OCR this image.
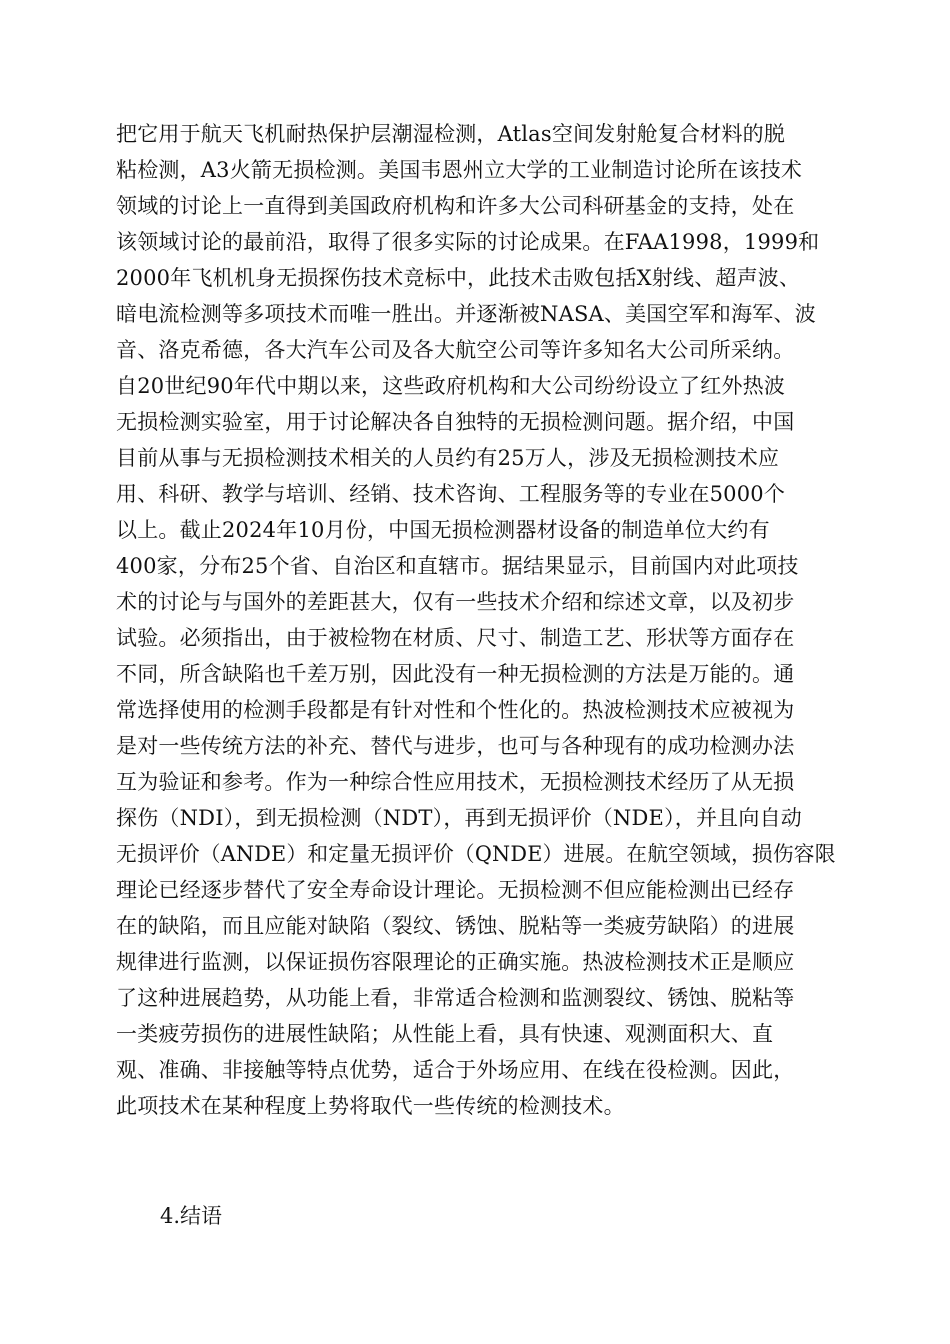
把它用于航天飞机耐热保护层潮湿检测，Atlas空间发射舱复合材料的脱
粘检测，A3火箭无损检测。美国韦恩州立大学的工业制造讨论所在该技术
领域的讨论上一直得到美国政府机构和许多大公司科研基金的支持，处在
该领域讨论的最前沿，取得了很多实际的讨论成果。在FAA1998，1999和
2000年飞机机身无损探伤技术竞标中，此技术击败包括X射线、超声波、
暗电流检测等多项技术而唯一胜出。并逐渐被NASA、美国空军和海军、波
音、洛克希德，各大汽车公司及各大航空公司等许多知名大公司所采纳。
自20世纪90年代中期以来，这些政府机构和大公司纷纷设立了红外热波
无损检测实验室，用于讨论解决各自独特的无损检测问题。据介绍，中国
目前从事与无损检测技术相关的人员约有25万人，涉及无损检测技术应
用、科研、教学与培训、经销、技术咨询、工程服务等的专业在5000个
以上。截止2024年10月份，中国无损检测器材设备的制造单位大约有
400家，分布25个省、自治区和直辖市。据结果显示，目前国内对此项技
术的讨论与与国外的差距甚大，仅有一些技术介绍和综述文章，以及初步
试验。必须指出，由于被检物在材质、尺寸、制造工艺、形状等方面存在
不同，所含缺陷也千差万别，因此没有一种无损检测的方法是万能的。通
常选择使用的检测手段都是有针对性和个性化的。热波检测技术应被视为
是对一些传统方法的补充、替代与进步，也可与各种现有的成功检测办法
互为验证和参考。作为一种综合性应用技术，无损检测技术经历了从无损
探伤（NDI），到无损检测（NDT），再到无损评价（NDE），并且向自动
无损评价（ANDE）和定量无损评价（QNDE）进展。在航空领域，损伤容限
理论已经逐步替代了安全寿命设计理论。无损检测不但应能检测出已经存
在的缺陷，而且应能对缺陷（裂纹、锈蚀、脱粘等一类疲劳缺陷）的进展
规律进行监测，以保证损伤容限理论的正确实施。热波检测技术正是顺应
了这种进展趋势，从功能上看，非常适合检测和监测裂纹、锈蚀、脱粘等
一类疲劳损伤的进展性缺陷；从性能上看，具有快速、观测面积大、直
观、准确、非接触等特点优势，适合于外场应用、在线在役检测。因此，
此项技术在某种程度上势将取代一些传统的检测技术。
4.结语
